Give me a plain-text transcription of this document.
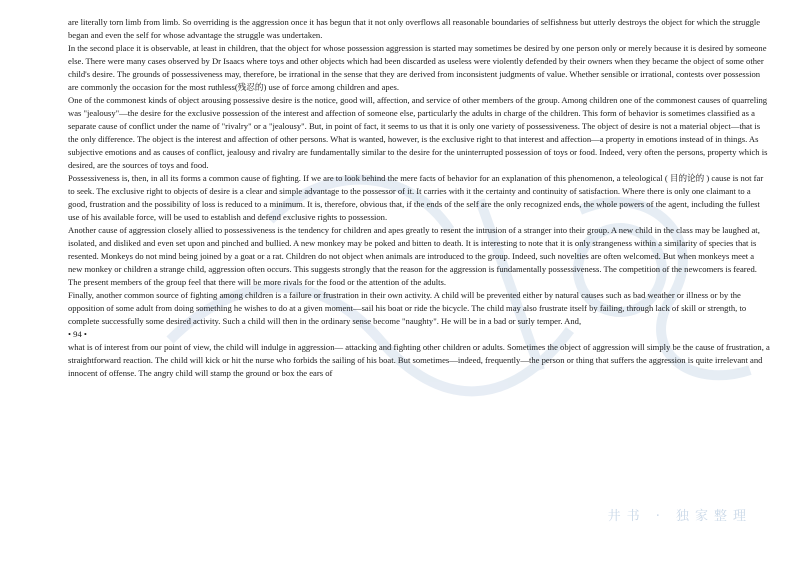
are literally torn limb from limb. So overriding is the aggression once it has begun that it not only overflows all reasonable boundaries of selfishness but utterly destroys the object for which the struggle began and even the self for whose advantage the struggle was undertaken.

In the second place it is observable, at least in children, that the object for whose possession aggression is started may sometimes be desired by one person only or merely because it is desired by someone else. There were many cases observed by Dr Isaacs where toys and other objects which had been discarded as useless were violently defended by their owners when they became the object of some other child's desire. The grounds of possessiveness may, therefore, be irrational in the sense that they are derived from inconsistent judgments of value. Whether sensible or irrational, contests over possession are commonly the occasion for the most ruthless(残忍的) use of force among children and apes.

One of the commonest kinds of object arousing possessive desire is the notice, good will, affection, and service of other members of the group. Among children one of the commonest causes of quarreling was "jealousy"—the desire for the exclusive possession of the interest and affection of someone else, particularly the adults in charge of the children. This form of behavior is sometimes classified as a separate cause of conflict under the name of "rivalry" or a "jealousy". But, in point of fact, it seems to us that it is only one variety of possessiveness. The object of desire is not a material object—that is the only difference. The object is the interest and affection of other persons. What is wanted, however, is the exclusive right to that interest and affection—a property in emotions instead of in things. As subjective emotions and as causes of conflict, jealousy and rivalry are fundamentally similar to the desire for the uninterrupted possession of toys or food. Indeed, very often the persons, property which is desired, are the sources of toys and food.

Possessiveness is, then, in all its forms a common cause of fighting. If we are to look behind the mere facts of behavior for an explanation of this phenomenon, a teleological ( 目的论的 ) cause is not far to seek. The exclusive right to objects of desire is a clear and simple advantage to the possessor of it. It carries with it the certainty and continuity of satisfaction. Where there is only one claimant to a good, frustration and the possibility of loss is reduced to a minimum. It is, therefore, obvious that, if the ends of the self are the only recognized ends, the whole powers of the agent, including the fullest use of his available force, will be used to establish and defend exclusive rights to possession.

Another cause of aggression closely allied to possessiveness is the tendency for children and apes greatly to resent the intrusion of a stranger into their group. A new child in the class may be laughed at, isolated, and disliked and even set upon and pinched and bullied. A new monkey may be poked and bitten to death. It is interesting to note that it is only strangeness within a similarity of species that is resented. Monkeys do not mind being joined by a goat or a rat. Children do not object when animals are introduced to the group. Indeed, such novelties are often welcomed. But when monkeys meet a new monkey or children a strange child, aggression often occurs. This suggests strongly that the reason for the aggression is fundamentally possessiveness. The competition of the newcomers is feared. The present members of the group feel that there will be more rivals for the food or the attention of the adults.

Finally, another common source of fighting among children is a failure or frustration in their own activity. A child will be prevented either by natural causes such as bad weather or illness or by the opposition of some adult from doing something he wishes to do at a given moment—sail his boat or ride the bicycle. The child may also frustrate itself by failing, through lack of skill or strength, to complete successfully some desired activity. Such a child will then in the ordinary sense become "naughty". He will be in a bad or surly temper. And,

• 94 •

what is of interest from our point of view, the child will indulge in aggression— attacking and fighting other children or adults. Sometimes the object of aggression will simply be the cause of frustration, a straightforward reaction. The child will kick or hit the nurse who forbids the sailing of his boat. But sometimes—indeed, frequently—the person or thing that suffers the aggression is quite irrelevant and innocent of offense. The angry child will stamp the ground or box the ears of

井书 · 独家整理
